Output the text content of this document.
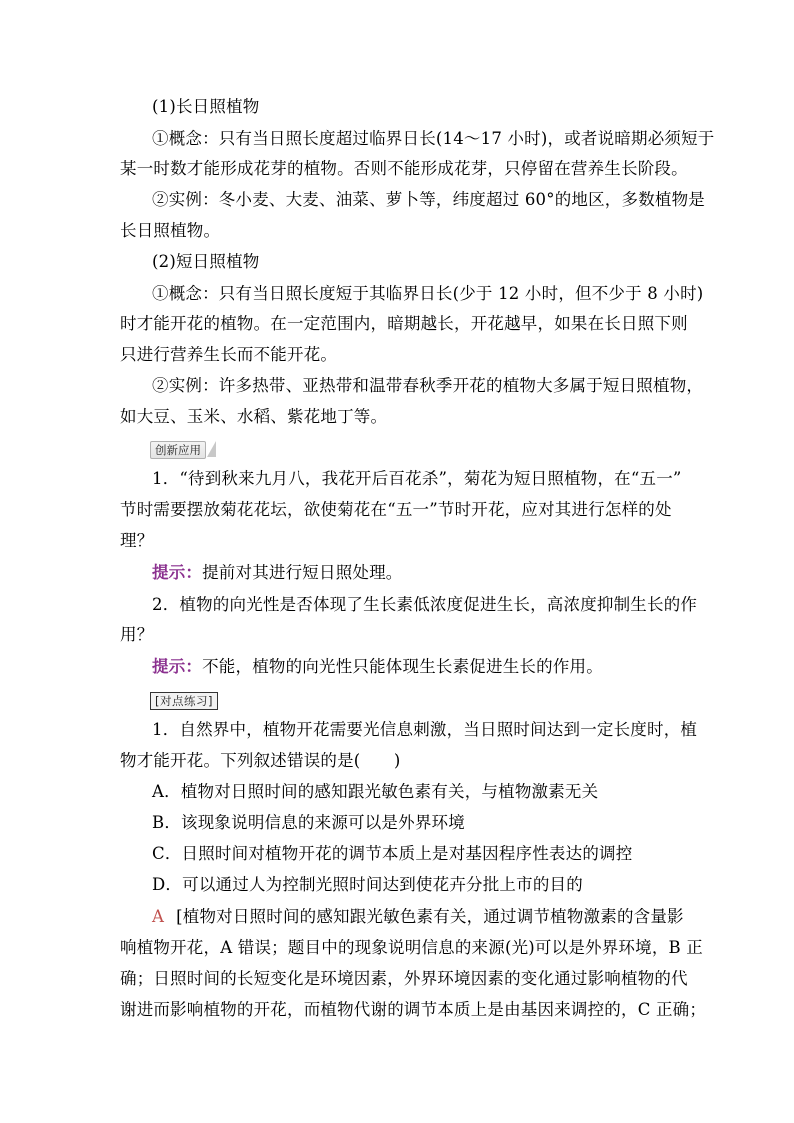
(1)长日照植物
①概念：只有当日照长度超过临界日长(14～17 小时)，或者说暗期必须短于
某一时数才能形成花芽的植物。否则不能形成花芽，只停留在营养生长阶段。
②实例：冬小麦、大麦、油菜、萝卜等，纬度超过 60°的地区，多数植物是
长日照植物。
(2)短日照植物
①概念：只有当日照长度短于其临界日长(少于 12 小时，但不少于 8 小时)
时才能开花的植物。在一定范围内，暗期越长，开花越早，如果在长日照下则
只进行营养生长而不能开花。
②实例：许多热带、亚热带和温带春秋季开花的植物大多属于短日照植物，
如大豆、玉米、水稻、紫花地丁等。
创新应用
1．“待到秋来九月八，我花开后百花杀”，菊花为短日照植物，在“五一”
节时需要摆放菊花花坛，欲使菊花在“五一”节时开花，应对其进行怎样的处
理？
提示：提前对其进行短日照处理。
2．植物的向光性是否体现了生长素低浓度促进生长，高浓度抑制生长的作
用？
提示：不能，植物的向光性只能体现生长素促进生长的作用。
[对点练习]
1．自然界中，植物开花需要光信息刺激，当日照时间达到一定长度时，植
物才能开花。下列叙述错误的是(　　)
A．植物对日照时间的感知跟光敏色素有关，与植物激素无关
B．该现象说明信息的来源可以是外界环境
C．日照时间对植物开花的调节本质上是对基因程序性表达的调控
D．可以通过人为控制光照时间达到使花卉分批上市的目的
A [植物对日照时间的感知跟光敏色素有关，通过调节植物激素的含量影
响植物开花，A 错误；题目中的现象说明信息的来源(光)可以是外界环境，B 正
确；日照时间的长短变化是环境因素，外界环境因素的变化通过影响植物的代
谢进而影响植物的开花，而植物代谢的调节本质上是由基因来调控的，C 正确；
